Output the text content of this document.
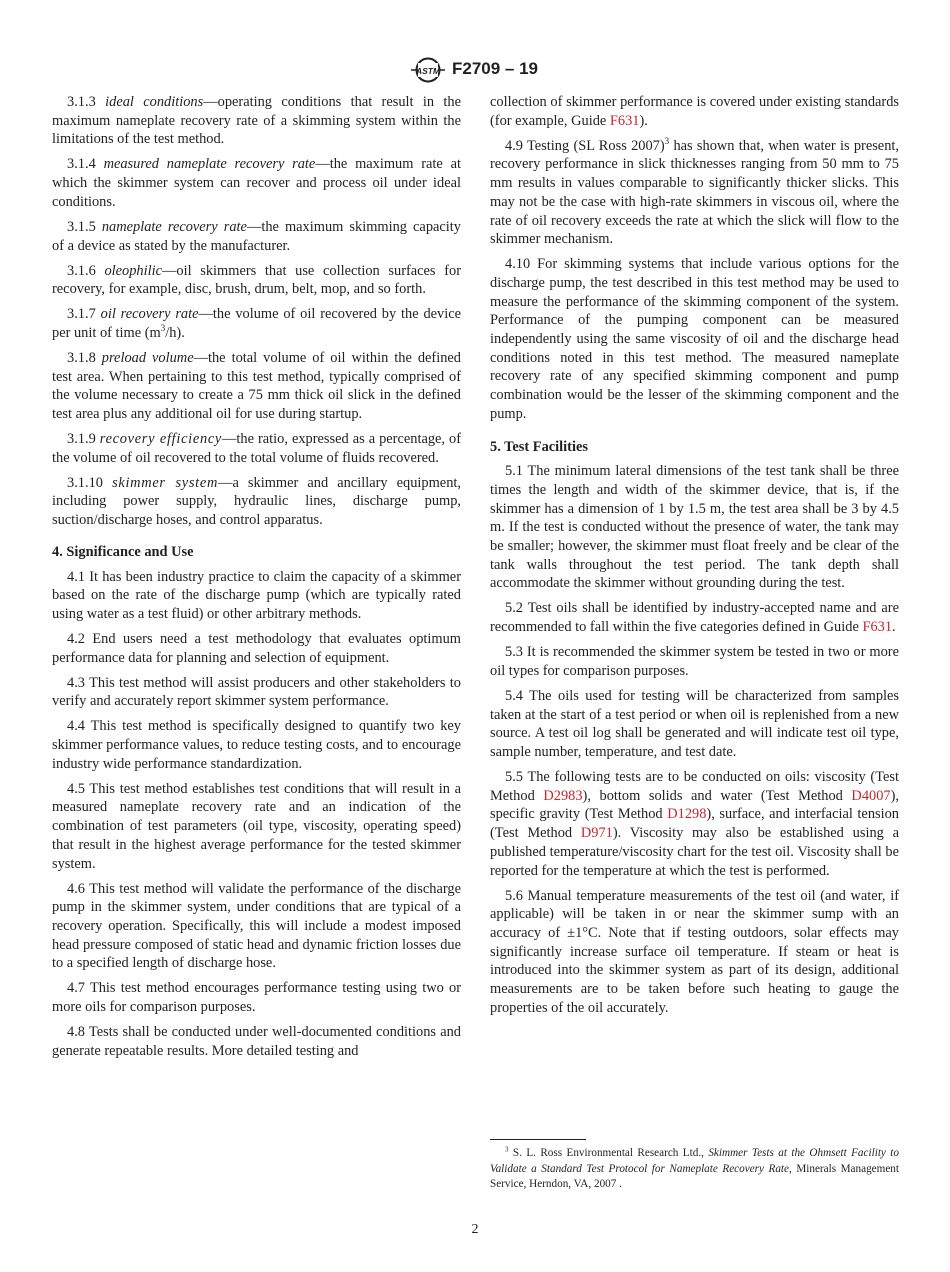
ASTM F2709 – 19

3.1.3 ideal conditions—operating conditions that result in the maximum nameplate recovery rate of a skimming system within the limitations of the test method.

3.1.4 measured nameplate recovery rate—the maximum rate at which the skimmer system can recover and process oil under ideal conditions.

3.1.5 nameplate recovery rate—the maximum skimming capacity of a device as stated by the manufacturer.

3.1.6 oleophilic—oil skimmers that use collection surfaces for recovery, for example, disc, brush, drum, belt, mop, and so forth.

3.1.7 oil recovery rate—the volume of oil recovered by the device per unit of time $(m^3/h)$.

3.1.8 preload volume—the total volume of oil within the defined test area. When pertaining to this test method, typically comprised of the volume necessary to create a 75 mm thick oil slick in the defined test area plus any additional oil for use during startup.

3.1.9 recovery efficiency—the ratio, expressed as a percentage, of the volume of oil recovered to the total volume of fluids recovered.

3.1.10 skimmer system—a skimmer and ancillary equipment, including power supply, hydraulic lines, discharge pump, suction/discharge hoses, and control apparatus.

4. Significance and Use

4.1 It has been industry practice to claim the capacity of a skimmer based on the rate of the discharge pump (which are typically rated using water as a test fluid) or other arbitrary methods.

4.2 End users need a test methodology that evaluates optimum performance data for planning and selection of equipment.

4.3 This test method will assist producers and other stakeholders to verify and accurately report skimmer system performance.

4.4 This test method is specifically designed to quantify two key skimmer performance values, to reduce testing costs, and to encourage industry wide performance standardization.

4.5 This test method establishes test conditions that will result in a measured nameplate recovery rate and an indication of the combination of test parameters (oil type, viscosity, operating speed) that result in the highest average performance for the tested skimmer system.

4.6 This test method will validate the performance of the discharge pump in the skimmer system, under conditions that are typical of a recovery operation. Specifically, this will include a modest imposed head pressure composed of static head and dynamic friction losses due to a specified length of discharge hose.

4.7 This test method encourages performance testing using two or more oils for comparison purposes.

4.8 Tests shall be conducted under well-documented conditions and generate repeatable results. More detailed testing and

collection of skimmer performance is covered under existing standards (for example, Guide F631).

4.9 Testing (SL Ross 2007)$^3$ has shown that, when water is present, recovery performance in slick thicknesses ranging from 50 mm to 75 mm results in values comparable to significantly thicker slicks. This may not be the case with high-rate skimmers in viscous oil, where the rate of oil recovery exceeds the rate at which the slick will flow to the skimmer mechanism.

4.10 For skimming systems that include various options for the discharge pump, the test described in this test method may be used to measure the performance of the skimming component of the system. Performance of the pumping component can be measured independently using the same viscosity of oil and the discharge head conditions noted in this test method. The measured nameplate recovery rate of any specified skimming component and pump combination would be the lesser of the skimming component and the pump.

5. Test Facilities

5.1 The minimum lateral dimensions of the test tank shall be three times the length and width of the skimmer device, that is, if the skimmer has a dimension of 1 by 1.5 m, the test area shall be 3 by 4.5 m. If the test is conducted without the presence of water, the tank may be smaller; however, the skimmer must float freely and be clear of the tank walls throughout the test period. The tank depth shall accommodate the skimmer without grounding during the test.

5.2 Test oils shall be identified by industry-accepted name and are recommended to fall within the five categories defined in Guide F631.

5.3 It is recommended the skimmer system be tested in two or more oil types for comparison purposes.

5.4 The oils used for testing will be characterized from samples taken at the start of a test period or when oil is replenished from a new source. A test oil log shall be generated and will indicate test oil type, sample number, temperature, and test date.

5.5 The following tests are to be conducted on oils: viscosity (Test Method D2983), bottom solids and water (Test Method D4007), specific gravity (Test Method D1298), surface, and interfacial tension (Test Method D971). Viscosity may also be established using a published temperature/viscosity chart for the test oil. Viscosity shall be reported for the temperature at which the test is performed.

5.6 Manual temperature measurements of the test oil (and water, if applicable) will be taken in or near the skimmer sump with an accuracy of ±1°C. Note that if testing outdoors, solar effects may significantly increase surface oil temperature. If steam or heat is introduced into the skimmer system as part of its design, additional measurements are to be taken before such heating to gauge the properties of the oil accurately.

$^3$ S. L. Ross Environmental Research Ltd., Skimmer Tests at the Ohmsett Facility to Validate a Standard Test Protocol for Nameplate Recovery Rate, Minerals Management Service, Herndon, VA, 2007 .
2
